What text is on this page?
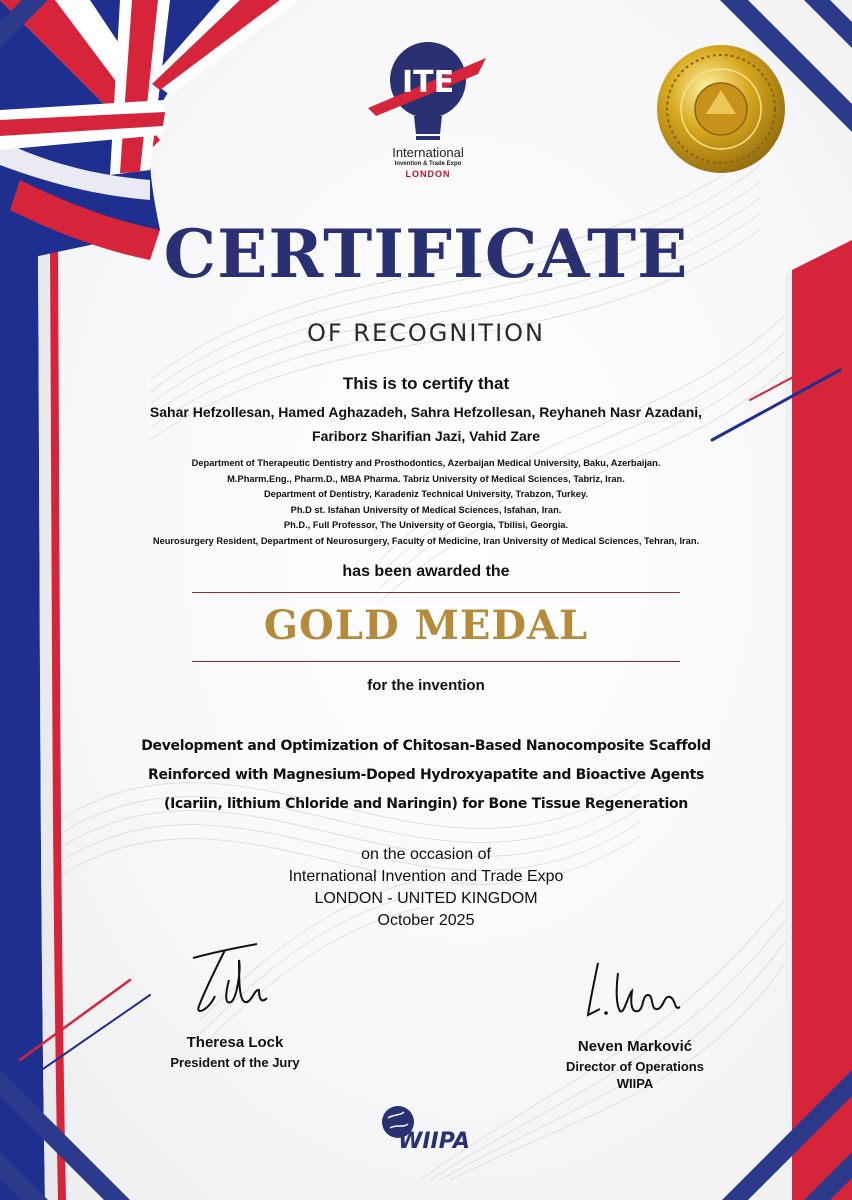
ITE
International
Invention & Trade Expo
LONDON
CERTIFICATE
OF RECOGNITION
This is to certify that
Sahar Hefzollesan, Hamed Aghazadeh, Sahra Hefzollesan, Reyhaneh Nasr Azadani,
Fariborz Sharifian Jazi, Vahid Zare
Department of Therapeutic Dentistry and Prosthodontics, Azerbaijan Medical University, Baku, Azerbaijan.
M.Pharm.Eng., Pharm.D., MBA Pharma. Tabriz University of Medical Sciences, Tabriz, Iran.
Department of Dentistry, Karadeniz Technical University, Trabzon, Turkey.
Ph.D st. Isfahan University of Medical Sciences, Isfahan, Iran.
Ph.D., Full Professor, The University of Georgia, Tbilisi, Georgia.
Neurosurgery Resident, Department of Neurosurgery, Faculty of Medicine, Iran University of Medical Sciences, Tehran, Iran.
has been awarded the
GOLD MEDAL
for the invention
Development and Optimization of Chitosan-Based Nanocomposite Scaffold
Reinforced with Magnesium-Doped Hydroxyapatite and Bioactive Agents
(Icariin, lithium Chloride and Naringin) for Bone Tissue Regeneration
on the occasion of
International Invention and Trade Expo
LONDON - UNITED KINGDOM
October 2025
Theresa Lock
President of the Jury
Neven Marković
Director of Operations
WIIPA
WIIPA
